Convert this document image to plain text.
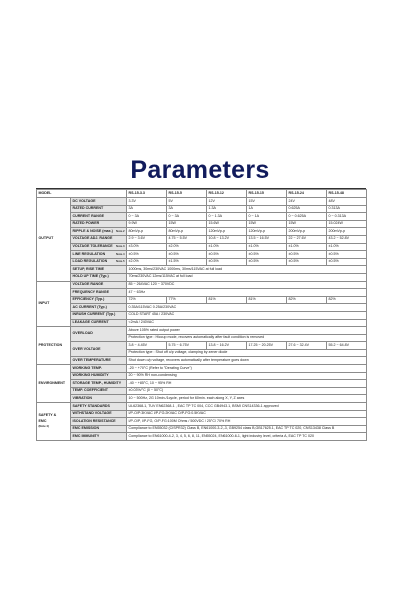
Parameters
MODEL		RS-15-3.3	RS-15-5	RS-15-12	RS-15-15	RS-15-24	RS-15-48
OUTPUT	DC VOLTAGE	3.3V	5V	12V	15V	24V	48V
	RATED CURRENT	3A	3A	1.3A	1A	0.625A	0.313A
	CURRENT RANGE	0 ~ 3A	0 ~ 3A	0 ~ 1.3A	0 ~ 1A	0 ~ 0.625A	0 ~ 0.313A
	RATED POWER	9.9W	15W	15.6W	15W	15W	15.024W
	RIPPLE & NOISE (max.) Note.2	80mVp-p	80mVp-p	120mVp-p	120mVp-p	200mVp-p	200mVp-p
	VOLTAGE ADJ. RANGE	2.9 ~ 3.6V	4.75 ~ 5.5V	10.8 ~ 13.2V	13.5 ~ 16.5V	22 ~ 27.6V	43.2 ~ 52.8V
	VOLTAGE TOLERANCE Note.3	±3.0%	±2.0%	±1.0%	±1.0%	±1.0%	±1.0%
	LINE REGULATION Note.4	±0.5%	±0.5%	±0.5%	±0.5%	±0.5%	±0.5%
	LOAD REGULATION Note.5	±2.0%	±1.5%	±0.5%	±0.5%	±0.5%	±0.5%
	SETUP, RISE TIME	1000ms, 30ms/230VAC 1000ms, 30ms/115VAC at full load					
	HOLD UP TIME (Typ.)	70ms/230VAC 12ms/115VAC at full load					
INPUT	VOLTAGE RANGE	85 ~ 264VAC 120 ~ 370VDC					
	FREQUENCY RANGE	47 ~ 63Hz					
	EFFICIENCY (Typ.)	72%	77%	81%	81%	82%	82%
	AC CURRENT (Typ.)	0.35A/115VAC 0.25A/230VAC					
	INRUSH CURRENT (Typ.)	COLD START 45A / 230VAC					
	LEAKAGE CURRENT	<2mA / 240VAC					
PROTECTION	OVERLOAD	Above 105% rated output power					
		Protection type : Hiccup mode, recovers automatically after fault condition is removed					
	OVER VOLTAGE	3.8 ~ 4.45V	5.75 ~ 6.75V	13.8 ~ 16.2V	17.25 ~ 20.25V	27.6 ~ 32.4V	55.2 ~ 64.8V
		Protection type : Shut off o/p voltage, clamping by zener diode					
	OVER TEMPERATURE	Shut down o/p voltage, recovers automatically after temperature goes down					
ENVIRONMENT	WORKING TEMP.	-20 ~ +70°C (Refer to "Derating Curve")					
	WORKING HUMIDITY	20 ~ 90% RH non-condensing					
	STORAGE TEMP., HUMIDITY	-40 ~ +85°C, 10 ~ 95% RH					
	TEMP. COEFFICIENT	±0.03%/°C (0 ~ 50°C)					
	VIBRATION	10 ~ 500Hz, 2G 10min./1cycle, period for 60min. each along X, Y, Z axes					

SAFETY &
EMC
(Note 4)	SAFETY STANDARDS	UL62368-1, TUV EN62368-1 , EAC TP TC 004, CCC GB4943.1, BSMI CNS14336-1 approved					
	WITHSTAND VOLTAGE	I/P-O/P:3KVAC I/P-FG:2KVAC O/P-FG:0.5KVAC					
	ISOLATION RESISTANCE	I/P-O/P, I/P-FG, O/P-FG:100M Ohms / 500VDC / 25°C/ 70% RH					
	EMC EMISSION	Compliance to EN55032 (CISPR32) Class B, EN61000-3-2,-3, GB9254 class B,GB17625.1, EAC TP TC 020, CNS13438 Class B					
	EMC IMMUNITY	Compliance to EN61000-4-2, 3, 4, 5, 6, 8, 11, EN55024, EN61000-6-1, light industry level, criteria A, EAC TP TC 020					
